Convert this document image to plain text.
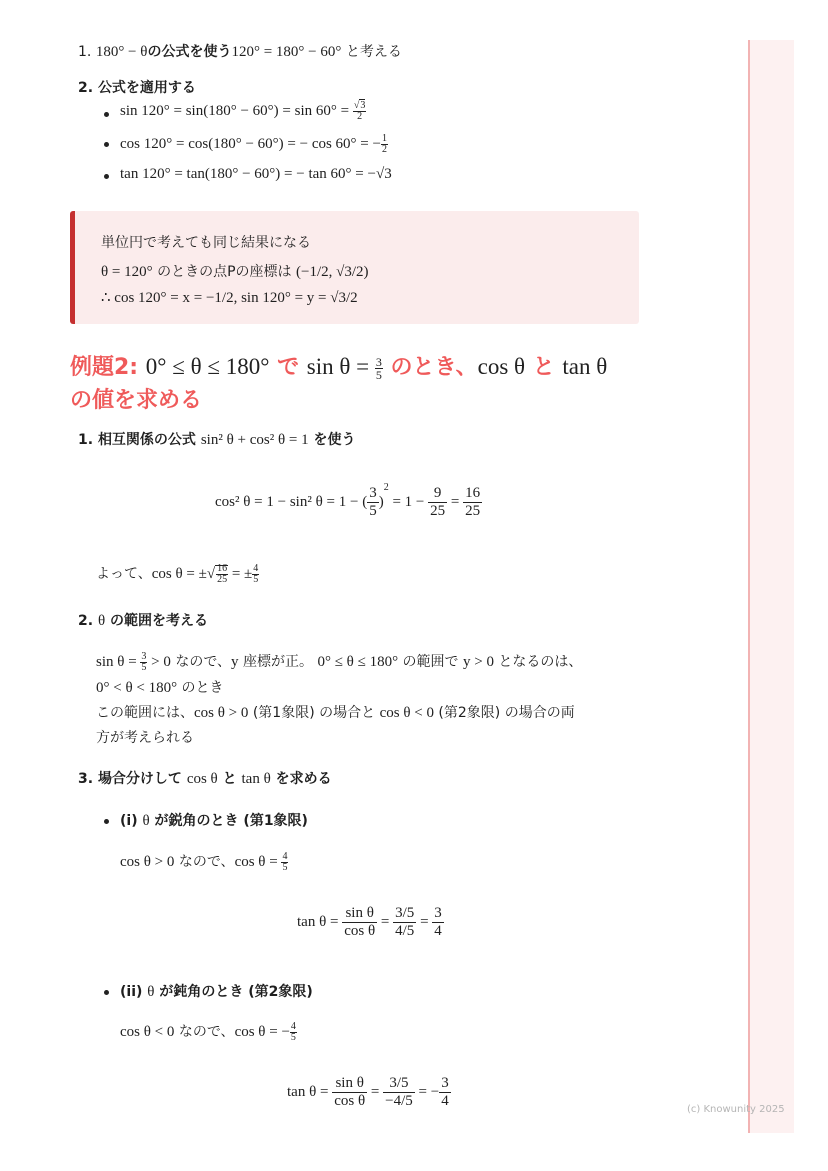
1. 180° − θの公式を使う120° = 180° − 60° と考える
2. 公式を適用する
$\sin 120^\circ = \sin(180^\circ - 60^\circ) = \sin 60^\circ = \frac{√3}{2}$
cos 120° = cos(180° − 60°) = − cos 60° = − $\frac{1}{2}$
tan 120° = tan(180° − 60°) = − tan 60° = −√3
単位円で考えても同じ結果になる
θ = 120° のときの点Pの座標は (−1/2, √3/2)
∴ cos 120° = x = −1/2, sin 120° = y = √3/2
例題2: 0° ≤ θ ≤ 180° で $\sin \theta = \frac{3}{5}$ のとき、cos θ と tan θ
の値を求める
1. 相互関係の公式 sin² θ + cos² θ = 1 を使う
cos² θ = 1 − sin² θ = 1 − ( $\frac{3}{5} )^2 = 1 - \frac{9}{25} = \frac{16}{25}$
よって、cos θ = ±√ $\frac{16}{25}$ = ± $\frac{4}{5}$
2. θ の範囲を考える
$\sin \theta = \frac{3}{5} > 0$ なので、y 座標が正。 0° ≤ θ ≤ 180° の範囲で y > 0 となるのは、
0° < θ < 180° のとき
この範囲には、cos θ > 0 (第1象限) の場合と cos θ < 0 (第2象限) の場合の両
方が考えられる
3. 場合分けして cos θ と tan θ を求める
(i) θ が鋭角のとき (第1象限)
cos θ > 0 なので、$\cos \theta = \frac{4}{5}$
$\tan \theta = \frac{\text{sin θ}}{\text{cos θ}} = \frac{3/5}{4/5} = \frac{3}{4}$
(ii) θ が鈍角のとき (第2象限)
cos θ < 0 なので、cos θ = − $\frac{4}{5}$
$\tan \theta = \frac{\text{sin θ}}{\text{cos θ}} = \frac{3/5}{-4/5}$ = − $\frac{3}{4}$	(c) Knowunity 2025
